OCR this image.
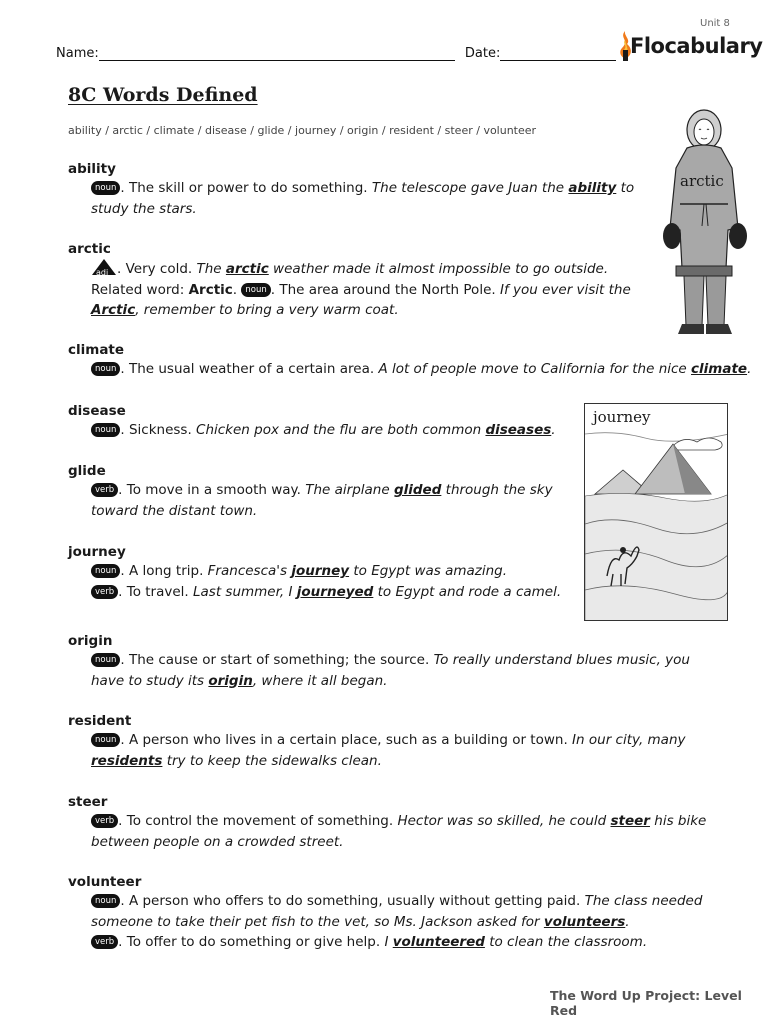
Unit 8
Name:	Date:	Flocabulary
8C Words Defined
ability / arctic / climate / disease / glide / journey / origin / resident / steer / volunteer
ability
noun . The skill or power to do something. The telescope gave Juan the ability to
study the stars.
arctic
adj . Very cold. The arctic weather made it almost impossible to go outside.
Related word: Arctic. noun . The area around the North Pole. If you ever visit the
Arctic, remember to bring a very warm coat.
climate
noun . The usual weather of a certain area. A lot of people move to California for the nice climate.
disease
noun . Sickness. Chicken pox and the flu are both common diseases.
glide
verb . To move in a smooth way. The airplane glided through the sky
toward the distant town.
journey
noun . A long trip. Francesca's journey to Egypt was amazing.
verb . To travel. Last summer, I journeyed to Egypt and rode a camel.
origin
noun . The cause or start of something; the source. To really understand blues music, you
have to study its origin, where it all began.
resident
noun . A person who lives in a certain place, such as a building or town. In our city, many
residents try to keep the sidewalks clean.
steer
verb . To control the movement of something. Hector was so skilled, he could steer his bike
between people on a crowded street.
volunteer
noun . A person who offers to do something, usually without getting paid. The class needed
someone to take their pet fish to the vet, so Ms. Jackson asked for volunteers.
verb . To offer to do something or give help. I volunteered to clean the classroom.
arctic
journey
The Word Up Project: Level Red
